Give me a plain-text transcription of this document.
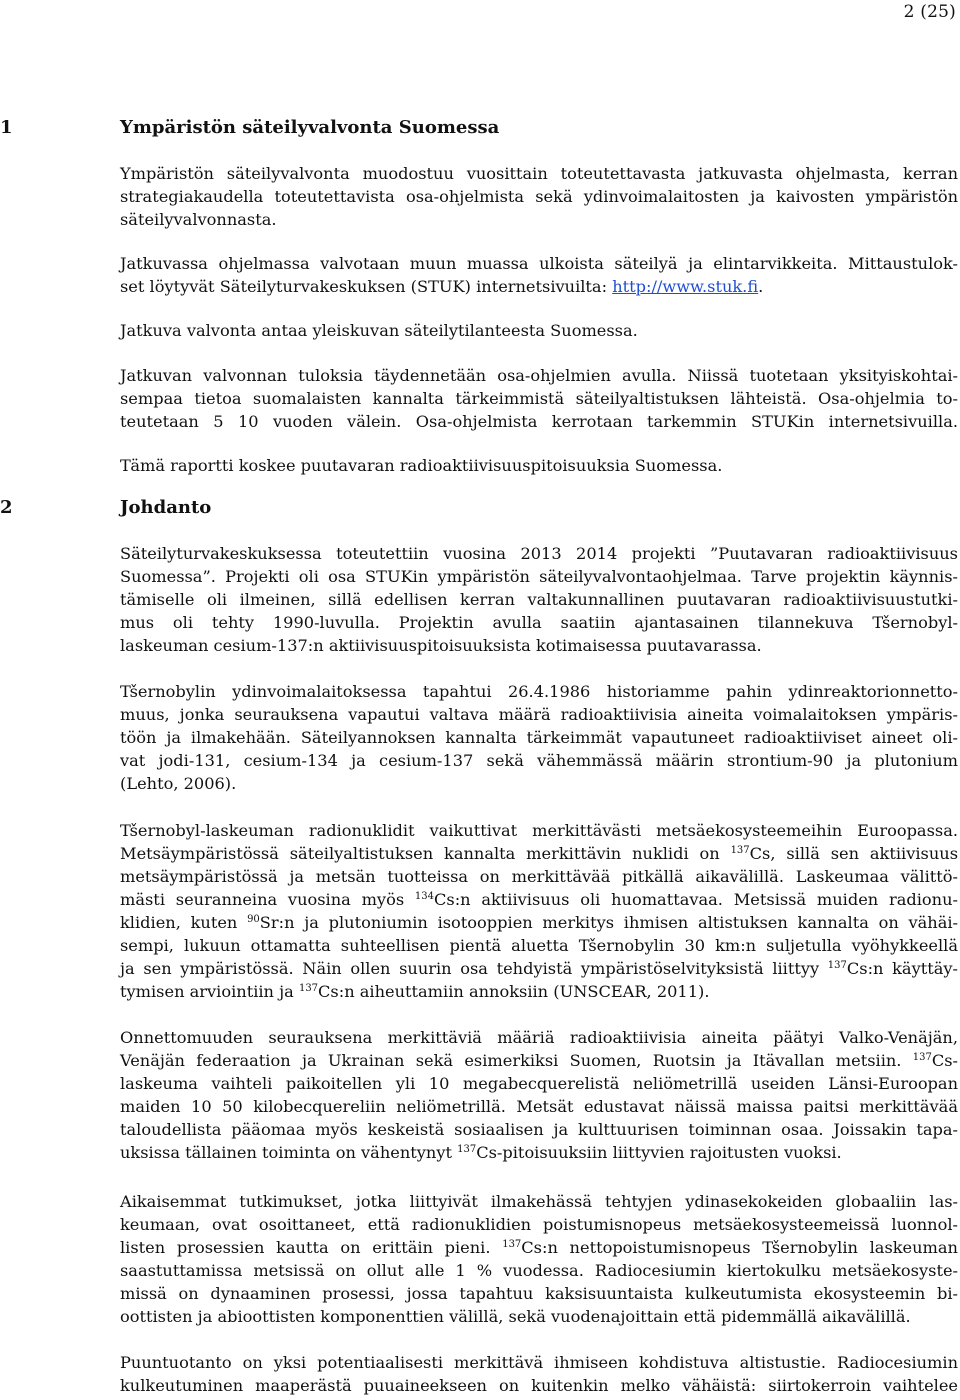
2 (25)
1	Ympäristön säteilyvalvonta Suomessa
Ympäristön säteilyvalvonta muodostuu vuosittain toteutettavasta jatkuvasta ohjelmasta, kerran
strategiakaudella toteutettavista osa-ohjelmista sekä ydinvoimalaitosten ja kaivosten ympäristön
säteilyvalvonnasta.
Jatkuvassa ohjelmassa valvotaan muun muassa ulkoista säteilyä ja elintarvikkeita. Mittaustulok-
set löytyvät Säteilyturvakeskuksen (STUK) internetsivuilta: http://www.stuk.fi.
Jatkuva valvonta antaa yleiskuvan säteilytilanteesta Suomessa.
Jatkuvan valvonnan tuloksia täydennetään osa-ohjelmien avulla. Niissä tuotetaan yksityiskohtai-
sempaa tietoa suomalaisten kannalta tärkeimmistä säteilyaltistuksen lähteistä. Osa-ohjelmia to-
teutetaan 5 10 vuoden välein. Osa-ohjelmista kerrotaan tarkemmin STUKin internetsivuilla.
Tämä raportti koskee puutavaran radioaktiivisuuspitoisuuksia Suomessa.
2	Johdanto
Säteilyturvakeskuksessa toteutettiin vuosina 2013 2014 projekti ”Puutavaran radioaktiivisuus
Suomessa”. Projekti oli osa STUKin ympäristön säteilyvalvontaohjelmaa. Tarve projektin käynnis-
tämiselle oli ilmeinen, sillä edellisen kerran valtakunnallinen puutavaran radioaktiivisuustutki-
mus oli tehty 1990-luvulla. Projektin avulla saatiin ajantasainen tilannekuva Tšernobyl-
laskeuman cesium-137:n aktiivisuuspitoisuuksista kotimaisessa puutavarassa.
Tšernobylin ydinvoimalaitoksessa tapahtui 26.4.1986 historiamme pahin ydinreaktorionnetto-
muus, jonka seurauksena vapautui valtava määrä radioaktiivisia aineita voimalaitoksen ympäris-
töön ja ilmakehään. Säteilyannoksen kannalta tärkeimmät vapautuneet radioaktiiviset aineet oli-
vat jodi-131, cesium-134 ja cesium-137 sekä vähemmässä määrin strontium-90 ja plutonium
(Lehto, 2006).
Tšernobyl-laskeuman radionuklidit vaikuttivat merkittävästi metsäekosysteemeihin Euroopassa.
Metsäympäristössä säteilyaltistuksen kannalta merkittävin nuklidi on $^{137}$Cs, sillä sen aktiivisuus
metsäympäristössä ja metsän tuotteissa on merkittävää pitkällä aikavälillä. Laskeumaa välittö-
mästi seuranneina vuosina myös $^{134}$Cs:n aktiivisuus oli huomattavaa. Metsissä muiden radionu-
klidien, kuten $^{90}$Sr:n ja plutoniumin isotooppien merkitys ihmisen altistuksen kannalta on vähäi-
sempi, lukuun ottamatta suhteellisen pientä aluetta Tšernobylin 30 km:n suljetulla vyöhykkeellä
ja sen ympäristössä. Näin ollen suurin osa tehdyistä ympäristöselvityksistä liittyy $^{137}$Cs:n käyttäy-
tymisen arviointiin ja $^{137}$Cs:n aiheuttamiin annoksiin (UNSCEAR, 2011).
Onnettomuuden seurauksena merkittäviä määriä radioaktiivisia aineita päätyi Valko-Venäjän,
Venäjän federaation ja Ukrainan sekä esimerkiksi Suomen, Ruotsin ja Itävallan metsiin. $^{137}$Cs-
laskeuma vaihteli paikoitellen yli 10 megabecquerelistä neliömetrillä useiden Länsi-Euroopan
maiden 10 50 kilobecquereliin neliömetrillä. Metsät edustavat näissä maissa paitsi merkittävää
taloudellista pääomaa myös keskeistä sosiaalisen ja kulttuurisen toiminnan osaa. Joissakin tapa-
uksissa tällainen toiminta on vähentynyt $^{137}$Cs-pitoisuuksiin liittyvien rajoitusten vuoksi.
Aikaisemmat tutkimukset, jotka liittyivät ilmakehässä tehtyjen ydinasekokeiden globaaliin las-
keumaan, ovat osoittaneet, että radionuklidien poistumisnopeus metsäekosysteemeissä luonnol-
listen prosessien kautta on erittäin pieni. $^{137}$Cs:n nettopoistumisnopeus Tšernobylin laskeuman
saastuttamissa metsissä on ollut alle 1 % vuodessa. Radiocesiumin kiertokulku metsäekosyste-
missä on dynaaminen prosessi, jossa tapahtuu kaksisuuntaista kulkeutumista ekosysteemin bi-
oottisten ja abioottisten komponenttien välillä, sekä vuodenajoittain että pidemmällä aikavälillä.
Puuntuotanto on yksi potentiaalisesti merkittävä ihmiseen kohdistuva altistustie. Radiocesiumin
kulkeutuminen maaperästä puuaineekseen on kuitenkin melko vähäistä: siirtokerroin vaihtelee
